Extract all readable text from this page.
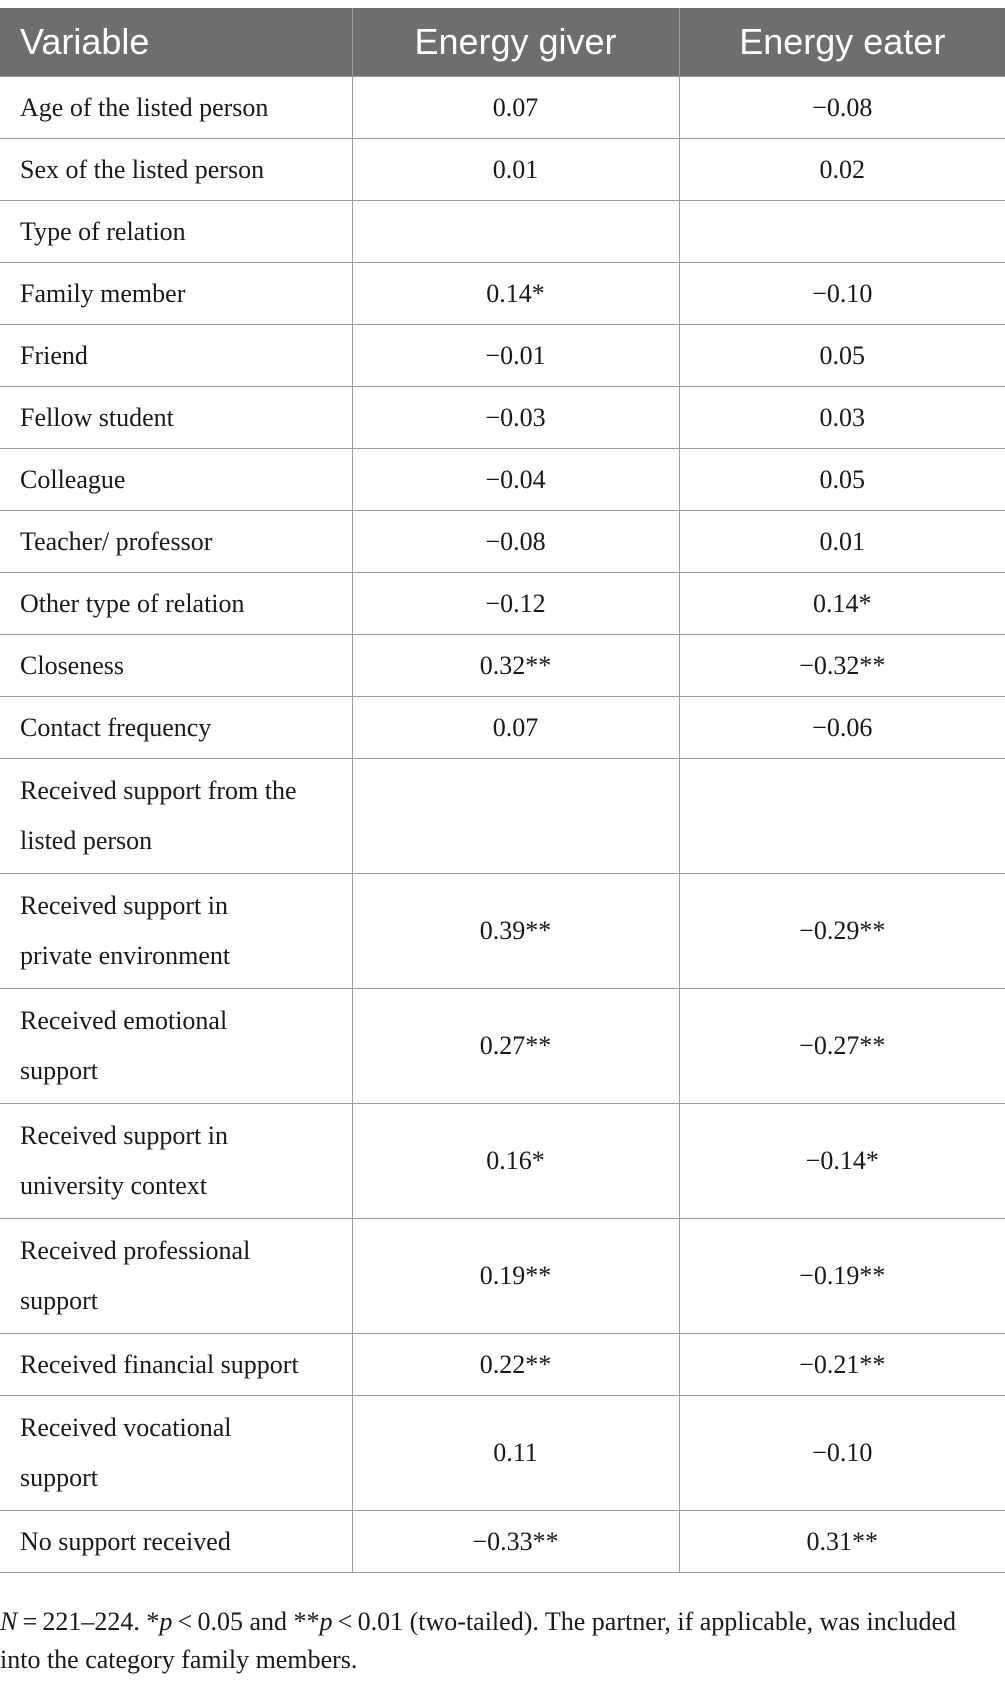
Variable	Energy giver	Energy eater
Age of the listed person	0.07	−0.08
Sex of the listed person	0.01	0.02
Type of relation		
Family member	0.14*	−0.10
Friend	−0.01	0.05
Fellow student	−0.03	0.03
Colleague	−0.04	0.05
Teacher/ professor	−0.08	0.01
Other type of relation	−0.12	0.14*
Closeness	0.32**	−0.32**
Contact frequency	0.07	−0.06
Received support from the
listed person		
Received support in
private environment	0.39**	−0.29**
Received emotional
support	0.27**	−0.27**
Received support in
university context	0.16*	−0.14*
Received professional
support	0.19**	−0.19**
Received financial support	0.22**	−0.21**
Received vocational
support	0.11	−0.10
No support received	−0.33**	0.31**
N = 221–224. *p < 0.05 and **p < 0.01 (two-tailed). The partner, if applicable, was included
into the category family members.
